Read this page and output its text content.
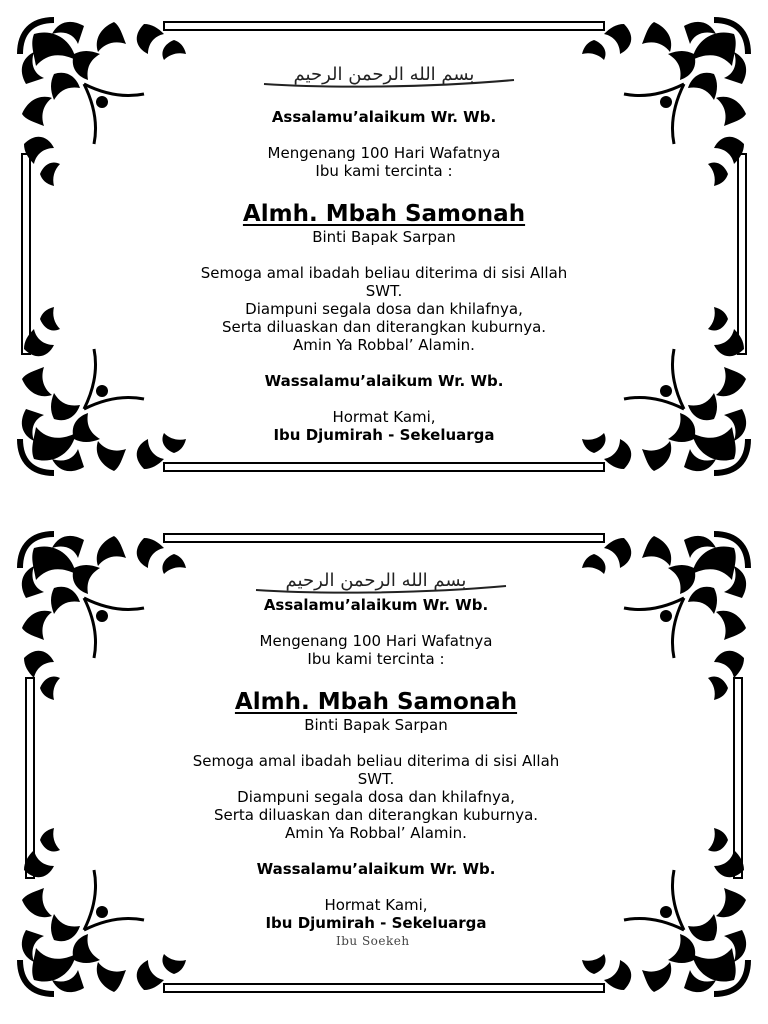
بسم الله الرحمن الرحيم

Assalamu’alaikum Wr. Wb.

Mengenang 100 Hari Wafatnya

Ibu kami tercinta :

Almh. Mbah Samonah

Binti Bapak Sarpan

Semoga amal ibadah beliau diterima di sisi Allah

SWT.

Diampuni segala dosa dan khilafnya,

Serta diluaskan dan diterangkan kuburnya.

Amin Ya Robbal’ Alamin.

Wassalamu’alaikum Wr. Wb.

Hormat Kami,

Ibu Djumirah - Sekeluarga

بسم الله الرحمن الرحيم

Assalamu’alaikum Wr. Wb.

Mengenang 100 Hari Wafatnya

Ibu kami tercinta :

Almh. Mbah Samonah

Binti Bapak Sarpan

Semoga amal ibadah beliau diterima di sisi Allah

SWT.

Diampuni segala dosa dan khilafnya,

Serta diluaskan dan diterangkan kuburnya.

Amin Ya Robbal’ Alamin.

Wassalamu’alaikum Wr. Wb.

Hormat Kami,

Ibu Djumirah - Sekeluarga

Ibu Soekeh
